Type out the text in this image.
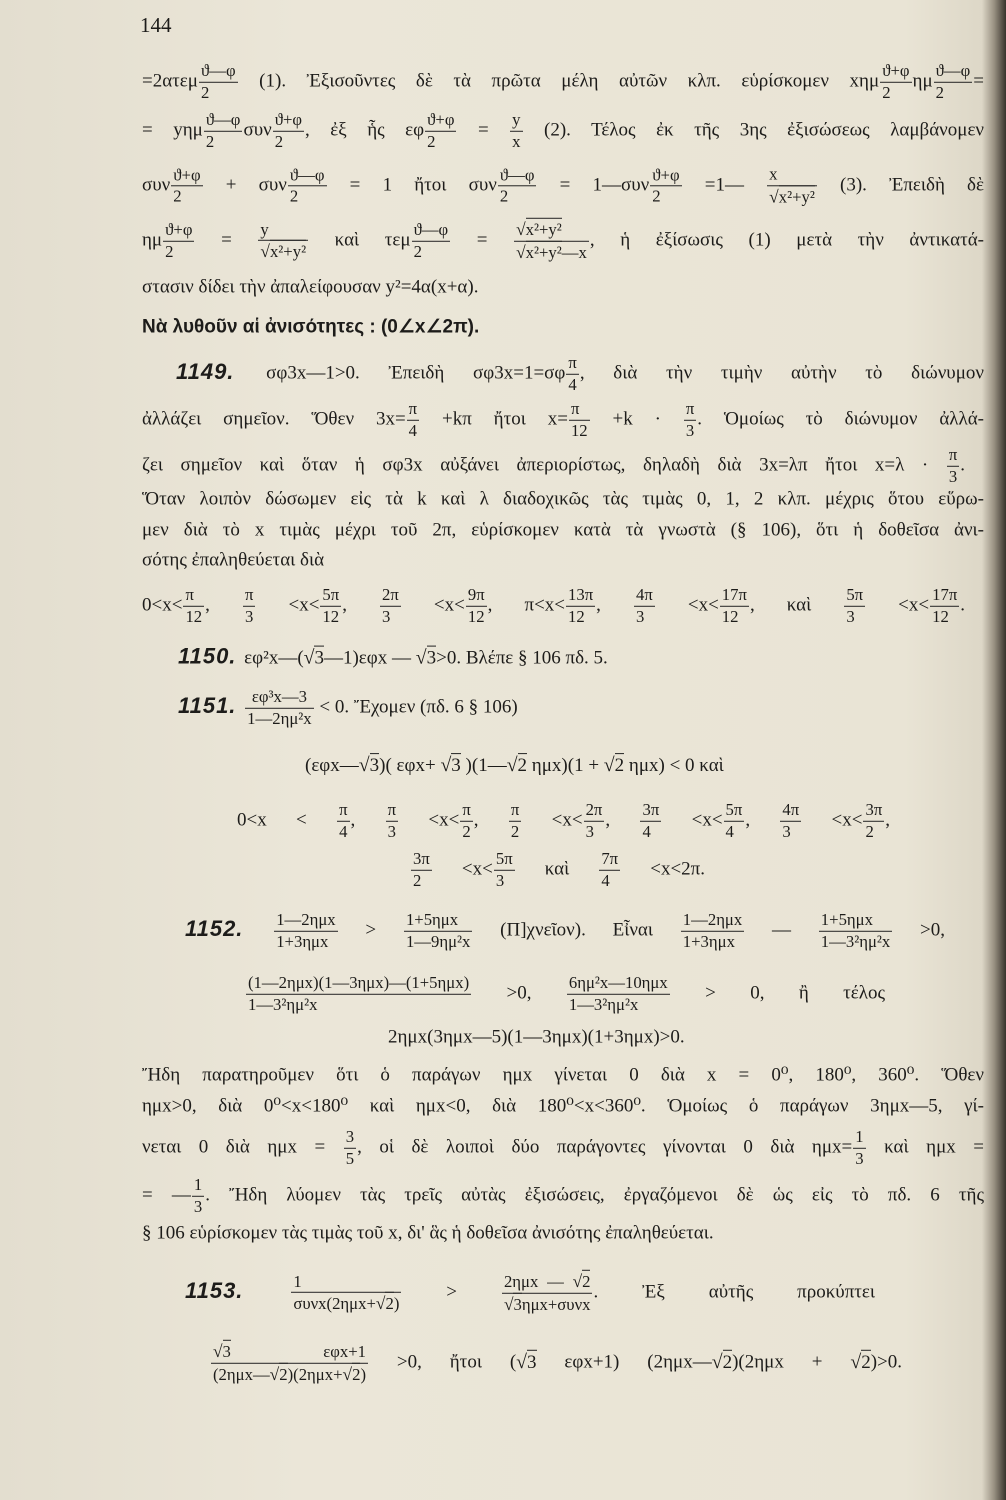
144
$=2\alpha\tau\varepsilon\mu \frac{ϑ—\varphi}{2} (1)$. Ἐξισοῦντες δὲ τὰ πρῶτα μέλη αὐτῶν κλπ. εὑρίσκομεν xημ $\frac{ϑ+\varphi}{2}$ ημ $\frac{ϑ—\varphi}{2}$ =
= yημ $\frac{ϑ—\varphi}{2}$ συν $\frac{ϑ+\varphi}{2}$ , ἐξ ἧς εφ $\frac{ϑ+\varphi}{2} = \frac{y}{x} (2)$. Τέλος ἐκ τῆς 3ης ἐξισώσεως λαμβάνομεν
συν $\frac{ϑ+\varphi}{2} + \sigma\upsilon\nu \frac{ϑ—\varphi}{2} = 1$ ἤτοι συν $\frac{ϑ—\varphi}{2}$ = 1—συν $\frac{ϑ+\varphi}{2}$ =1— $\frac{x}{\text{√x²+y²}} (3)$. Ἐπειδὴ δὲ
ημ $\frac{ϑ+\varphi}{2} = \frac{y}{\text{√x²+y²}}$ καὶ τεμ $\frac{ϑ—\varphi}{2} = \frac{\text{√x²+y²}}{\text{√x²+y²—x}}$ , ἡ ἐξίσωσις (1) μετὰ τὴν ἀντικατά-
στασιν δίδει τὴν ἀπαλείφουσαν y²=4α(x+α).
Νὰ λυθοῦν αἱ ἀνισότητες : (0∠x∠2π).
1149. σφ3x—1>0. Ἐπειδὴ $\sigma\varphi 3x=1=\sigma\varphi \frac{\pi}{4}$ , διὰ τὴν τιμὴν αὐτὴν τὸ διώνυμον
ἀλλάζει σημεῖον. Ὅθεν $3x= \frac{\pi}{4} +k\pi$ ἤτοι $x= \frac{\pi}{12} +k \cdot \frac{\pi}{3}$ . Ὁμοίως τὸ διώνυμον ἀλλά-
ζει σημεῖον καὶ ὅταν ἡ σφ3x αὐξάνει ἀπεριορίστως, δηλαδὴ διὰ 3x=λπ ἤτοι $x=\lambda \cdot \frac{\pi}{3}$ .
Ὅταν λοιπὸν δώσωμεν εἰς τὰ k καὶ λ διαδοχικῶς τὰς τιμὰς 0, 1, 2 κλπ. μέχρις ὅτου εὕρω-
μεν διὰ τὸ x τιμὰς μέχρι τοῦ 2π, εὑρίσκομεν κατὰ τὰ γνωστὰ (§ 106), ὅτι ἡ δοθεῖσα ἀνι-
σότης ἐπαληθεύεται διὰ
$0<x< \frac{\pi}{12}$ , $\frac{\pi}{3} <x< \frac{5\pi}{12}$ , $\frac{2\pi}{3} <x< \frac{9\pi}{12}$ , $\pi<x< \frac{13\pi}{12}$ , $\frac{4\pi}{3} <x< \frac{17\pi}{12}$ , καὶ $\frac{5\pi}{3} <x< \frac{17\pi}{12}$ .
1150. εφ²x—(√3—1)εφx — √3>0. Βλέπε § 106 πδ. 5.
1151. $\frac{\text{εφ³x—3}}{\text{1—2ημ²x}} < 0$. Ἔχομεν (πδ. 6 § 106)
(εφx—√3)( εφx+ √3 )(1—√2 ημx)(1 + √2 ημx) < 0 καὶ
$0<x < \frac{\pi}{4}$ , $\frac{\pi}{3} <x< \frac{\pi}{2}$ , $\frac{\pi}{2} <x< \frac{2\pi}{3}$ , $\frac{3\pi}{4} <x< \frac{5\pi}{4}$ , $\frac{4\pi}{3} <x< \frac{3\pi}{2}$ ,
$\frac{3\pi}{2} <x< \frac{5\pi}{3}$ καὶ $\frac{7\pi}{4} <x<2\pi$.
1152. $\frac{\text{1—2ημx}}{\text{1+3ημx}} > \frac{\text{1+5ημx}}{\text{1—9ημ²x}}$ (Π]χνεῖον). Εἶναι $\frac{\text{1—2ημx}}{\text{1+3ημx}}$ — $\frac{\text{1+5ημx}}{\text{1—3²ημ²x}} >0$,
$\frac{\text{(1—2ημx)(1—3ημx)—(1+5ημx)}}{\text{1—3²ημ²x}} >0$, $\frac{\text{6ημ²x—10ημx}}{\text{1—3²ημ²x}} > 0$, ἢ τέλος
2ημx(3ημx—5)(1—3ημx)(1+3ημx)>0.
Ἤδη παρατηροῦμεν ὅτι ὁ παράγων ημx γίνεται 0 διὰ x = 0⁰, 180⁰, 360⁰. Ὅθεν
ημx>0, διὰ 0⁰<x<180⁰ καὶ ημx<0, διὰ 180⁰<x<360⁰. Ὁμοίως ὁ παράγων 3ημx—5, γί-
νεται 0 διὰ $\eta\mu x = \frac{3}{5}$ , οἱ δὲ λοιποὶ δύο παράγοντες γίνονται 0 διὰ $\eta\mu x= \frac{1}{3}$ καὶ ημx =
= — $\frac{1}{3}$ . Ἤδη λύομεν τὰς τρεῖς αὐτὰς ἐξισώσεις, ἐργαζόμενοι δὲ ὡς εἰς τὸ πδ. 6 τῆς
§ 106 εὑρίσκομεν τὰς τιμὰς τοῦ x, δι' ἃς ἡ δοθεῖσα ἀνισότης ἐπαληθεύεται.
1153.	$\frac{1}{\text{συνx(2ημx+√2)}} > \frac{\text{2ημx — √2}}{\text{√3ημx+συνx}}$ . Ἐξ αὐτῆς προκύπτει
$\frac{\text{√3 εφx+1}}{\text{(2ημx—√2)(2ημx+√2)}} >0$, ἤτοι (√3 εφx+1) (2ημx—√2)(2ημx + √2)>0.
